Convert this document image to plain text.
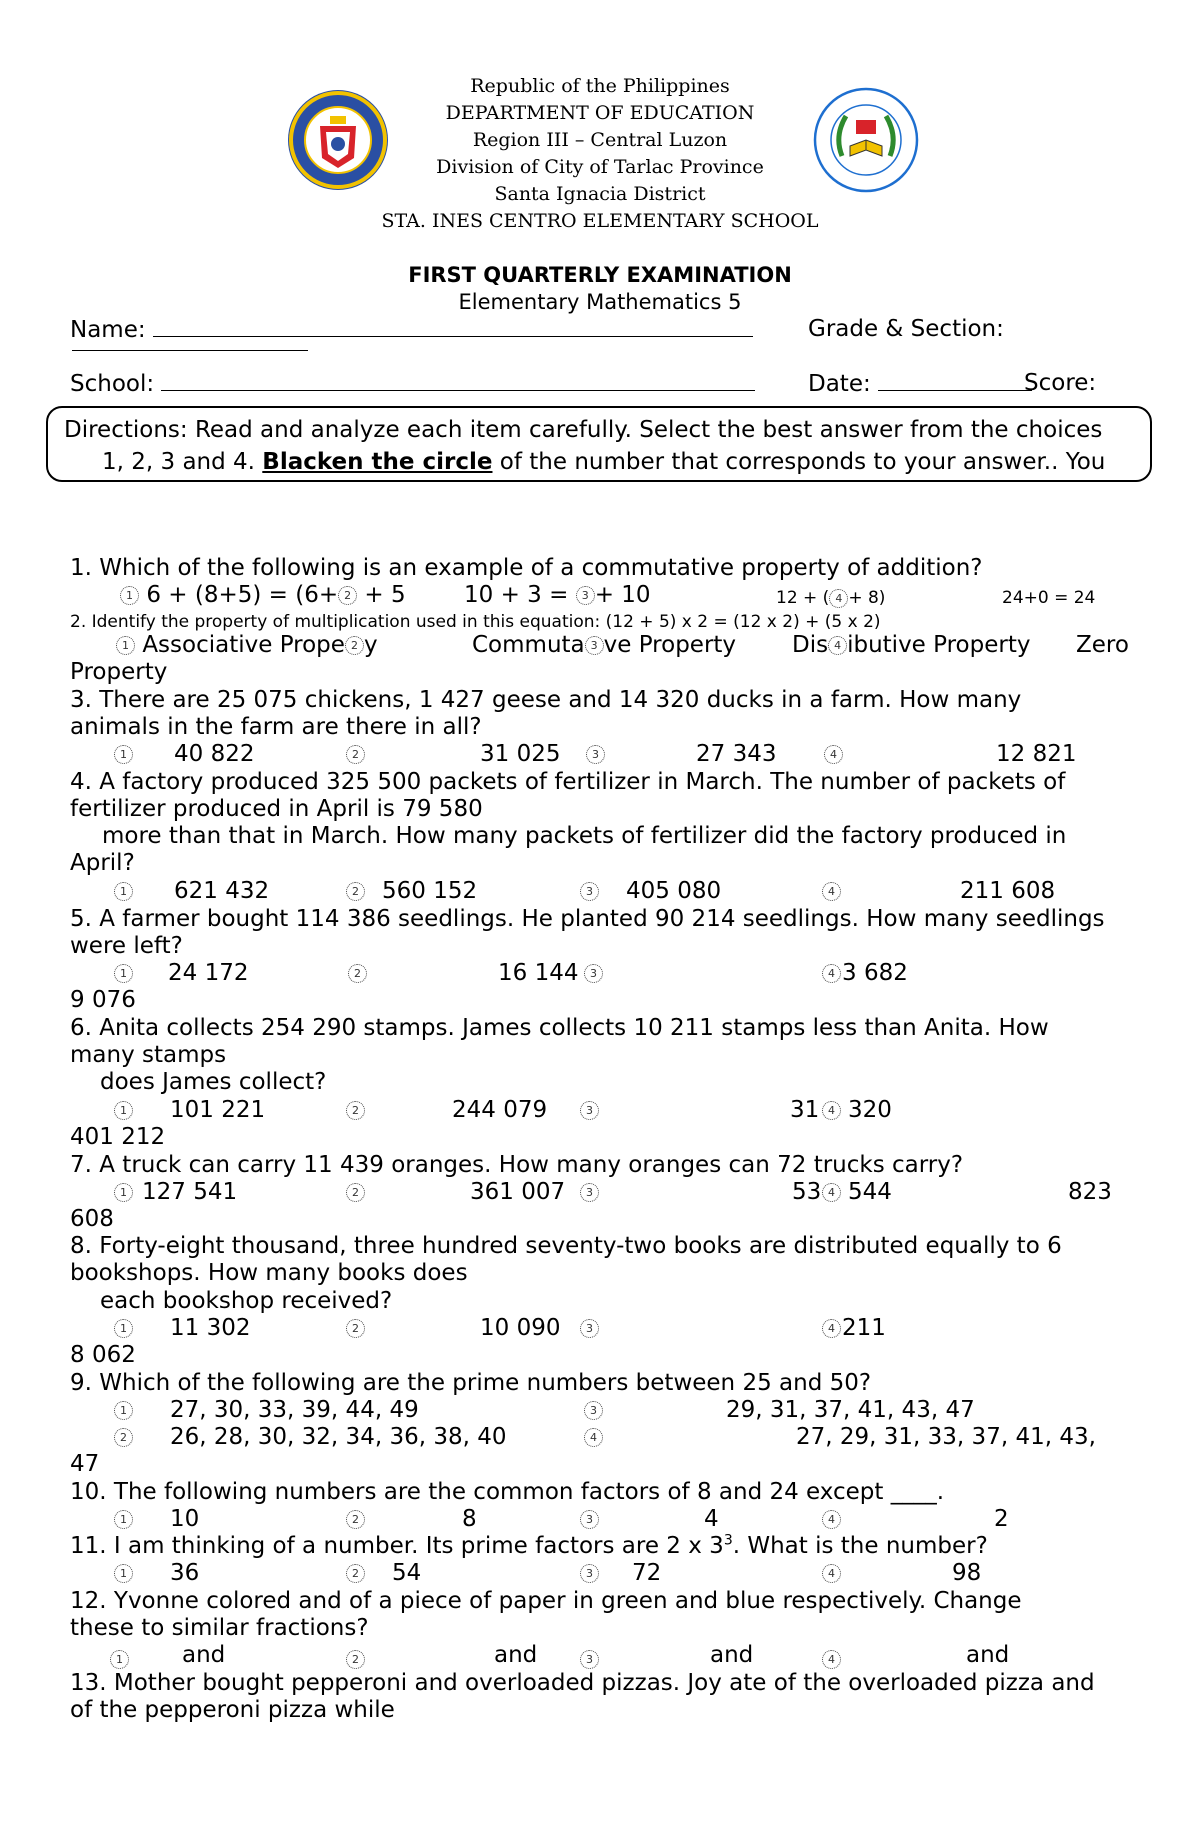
Republic of the Philippines
DEPARTMENT OF EDUCATION
Region III – Central Luzon
Division of City of Tarlac Province
Santa Ignacia District
STA. INES CENTRO ELEMENTARY SCHOOL
FIRST QUARTERLY EXAMINATION
Elementary Mathematics 5
Name:	Grade & Section:
School:	Date:	Score:
Directions: Read and analyze each item carefully. Select the best answer from the choices
1, 2, 3 and 4. Blacken the circle of the number that corresponds to your answer.. You
1. Which of the following is an example of a commutative property of addition?
1 6 + (8+5) = (6+ 2 + 5	10 + 3 = 3 + 10	12 + ( 4 + 8)	24+0 = 24
2. Identify the property of multiplication used in this equation: (12 + 5) x 2 = (12 x 2) + (5 x 2)
1 Associative Prope 2 y	Commuta 3 ve Property Dis 4 ibutive Property Zero
Property
3. There are 25 075 chickens, 1 427 geese and 14 320 ducks in a farm. How many
animals in the farm are there in all?
1 40 822	2	31 025	3	27 343	4	12 821
4. A factory produced 325 500 packets of fertilizer in March. The number of packets of
fertilizer produced in April is 79 580
more than that in March. How many packets of fertilizer did the factory produced in
April?
1 621 432	2 560 152	3 405 080	4	211 608
5. A farmer bought 114 386 seedlings. He planted 90 214 seedlings. How many seedlings
were left?
1 24 172	2	16 144	3	4 3 682
9 076
6. Anita collects 254 290 stamps. James collects 10 211 stamps less than Anita. How
many stamps
does James collect?
1 101 221	2	244 079	3	31 4 320
401 212
7. A truck can carry 11 439 oranges. How many oranges can 72 trucks carry?
1 127 541	2	361 007	3	53 4 544	823
608
8. Forty-eight thousand, three hundred seventy-two books are distributed equally to 6
bookshops. How many books does
each bookshop received?
1 11 302	2	10 090	3	4 211
8 062
9. Which of the following are the prime numbers between 25 and 50?
1 27, 30, 33, 39, 44, 49	3	29, 31, 37, 41, 43, 47
2 26, 28, 30, 32, 34, 36, 38, 40	4	27, 29, 31, 33, 37, 41, 43,
47
10. The following numbers are the common factors of 8 and 24 except ____.
1 10	2	8	3	4	4	2
11. I am thinking of a number. Its prime factors are 2 x $3^3$. What is the number?
1 36	2 54	3 72	4	98
12. Yvonne colored and of a piece of paper in green and blue respectively. Change
these to similar fractions?
1	and	2	and	3	and	4	and
13. Mother bought pepperoni and overloaded pizzas. Joy ate of the overloaded pizza and
of the pepperoni pizza while
